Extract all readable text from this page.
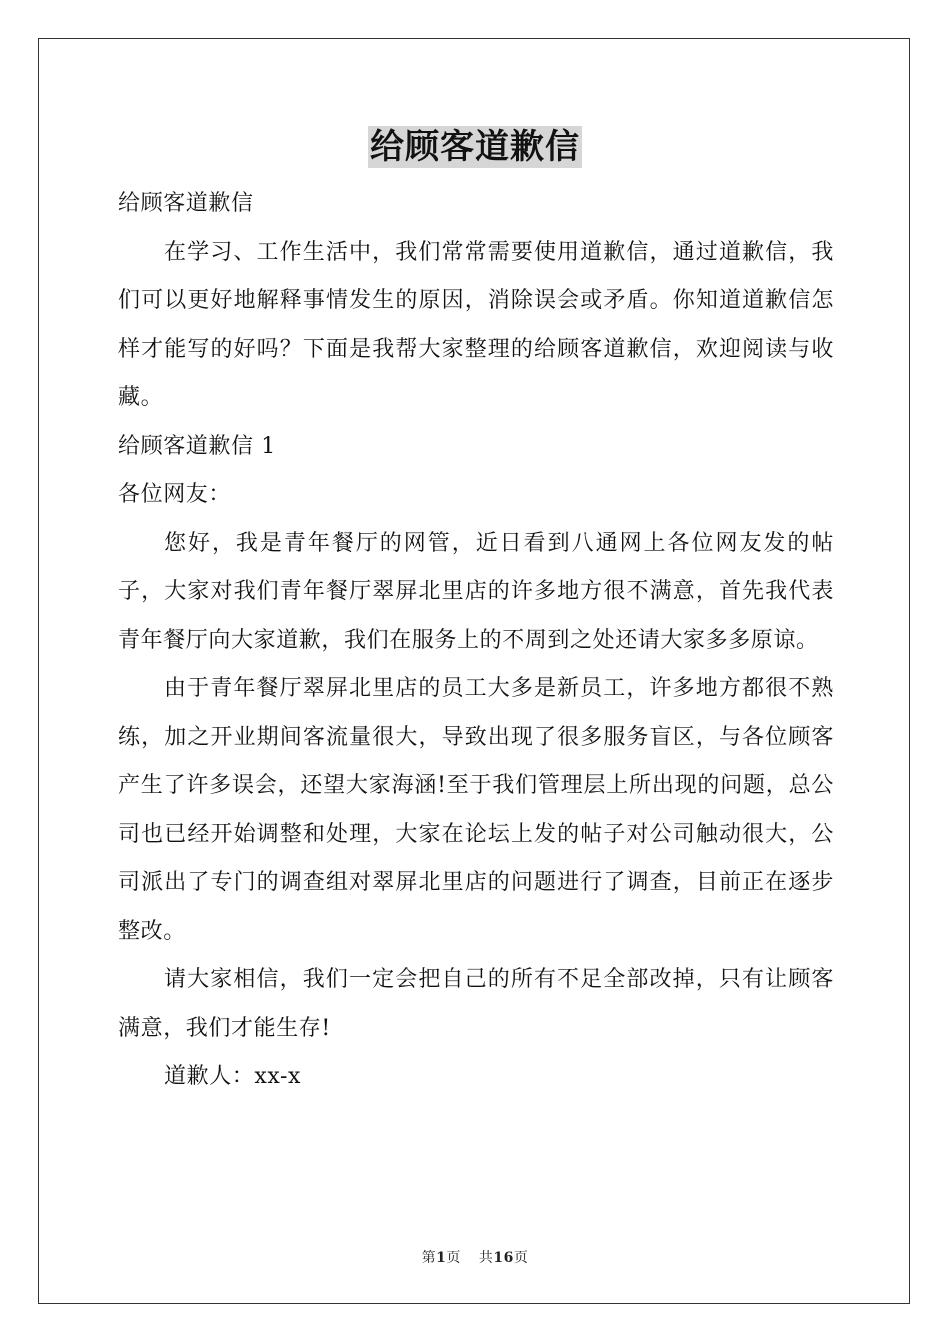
给顾客道歉信

给顾客道歉信

在学习、工作生活中，我们常常需要使用道歉信，通过道歉信，我们可以更好地解释事情发生的原因，消除误会或矛盾。你知道道歉信怎样才能写的好吗？下面是我帮大家整理的给顾客道歉信，欢迎阅读与收藏。

给顾客道歉信 1

各位网友：

您好，我是青年餐厅的网管，近日看到八通网上各位网友发的帖子，大家对我们青年餐厅翠屏北里店的许多地方很不满意，首先我代表青年餐厅向大家道歉，我们在服务上的不周到之处还请大家多多原谅。

由于青年餐厅翠屏北里店的员工大多是新员工，许多地方都很不熟练，加之开业期间客流量很大，导致出现了很多服务盲区，与各位顾客产生了许多误会，还望大家海涵!至于我们管理层上所出现的问题，总公司也已经开始调整和处理，大家在论坛上发的帖子对公司触动很大，公司派出了专门的调查组对翠屏北里店的问题进行了调查，目前正在逐步整改。

请大家相信，我们一定会把自己的所有不足全部改掉，只有让顾客满意，我们才能生存!

道歉人：xx-x

第1页 共16页
